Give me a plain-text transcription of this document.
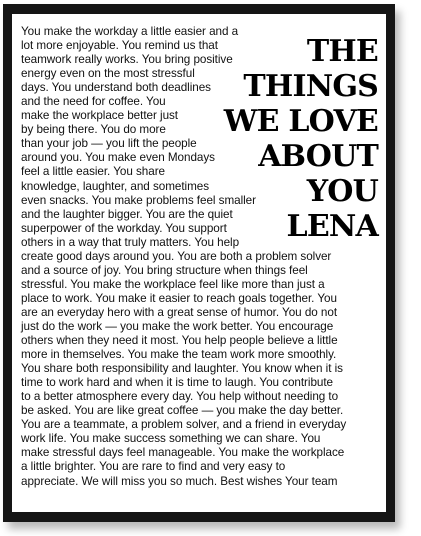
You make the workday a little easier and a
lot more enjoyable. You remind us that
teamwork really works. You bring positive
energy even on the most stressful
days. You understand both deadlines
and the need for coffee. You
make the workplace better just
by being there. You do more
than your job — you lift the people
around you. You make even Mondays
feel a little easier. You share
knowledge, laughter, and sometimes
even snacks. You make problems feel smaller
and the laughter bigger. You are the quiet
superpower of the workday. You support
others in a way that truly matters. You help
create good days around you. You are both a problem solver
and a source of joy. You bring structure when things feel
stressful. You make the workplace feel like more than just a
place to work. You make it easier to reach goals together. You
are an everyday hero with a great sense of humor. You do not
just do the work — you make the work better. You encourage
others when they need it most. You help people believe a little
more in themselves. You make the team work more smoothly.
You share both responsibility and laughter. You know when it is
time to work hard and when it is time to laugh. You contribute
to a better atmosphere every day. You help without needing to
be asked. You are like great coffee — you make the day better.
You are a teammate, a problem solver, and a friend in everyday
work life. You make success something we can share. You
make stressful days feel manageable. You make the workplace
a little brighter. You are rare to find and very easy to
appreciate. We will miss you so much. Best wishes Your team
THE
THINGS
WE LOVE
ABOUT
YOU
LENA
